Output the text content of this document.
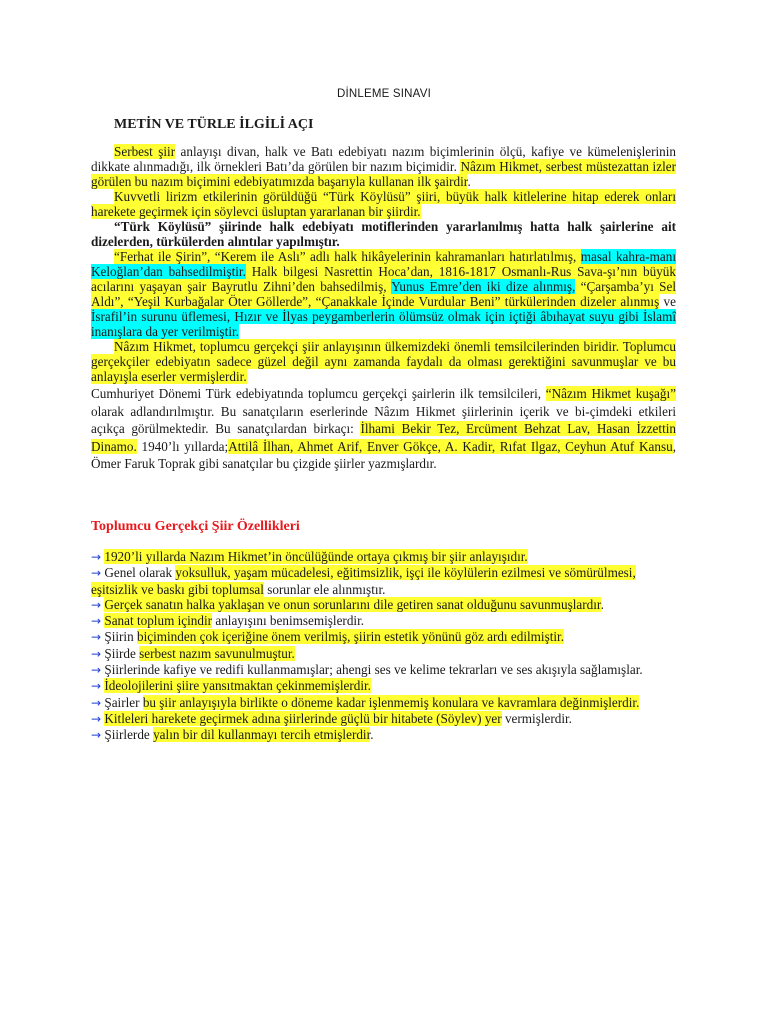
DİNLEME SINAVI
METİN VE TÜRLE İLGİLİ AÇI

Serbest şiir anlayışı divan, halk ve Batı edebiyatı nazım biçimlerinin ölçü, kafiye ve kümelenişlerinin dikkate alınmadığı, ilk örnekleri Batı’da görülen bir nazım biçimidir. Nâzım Hikmet, serbest müstezattan izler görülen bu nazım biçimini edebiyatımızda başarıyla kullanan ilk şairdir.

Kuvvetli lirizm etkilerinin görüldüğü “Türk Köylüsü” şiiri, büyük halk kitlelerine hitap ederek onları harekete geçirmek için söylevci üsluptan yararlanan bir şiirdir.

“Türk Köylüsü” şiirinde halk edebiyatı motiflerinden yararlanılmış hatta halk şairlerine ait dizelerden, türkülerden alıntılar yapılmıştır.

“Ferhat ile Şirin”, “Kerem ile Aslı” adlı halk hikâyelerinin kahramanları hatırlatılmış, masal kahra-manı Keloğlan’dan bahsedilmiştir. Halk bilgesi Nasrettin Hoca’dan, 1816-1817 Osmanlı-Rus Sava-şı’nın büyük acılarını yaşayan şair Bayrutlu Zihni’den bahsedilmiş, Yunus Emre’den iki dize alınmış, “Çarşamba’yı Sel Aldı”, “Yeşil Kurbağalar Öter Göllerde”, “Çanakkale İçinde Vurdular Beni” türkülerinden dizeler alınmış ve İsrafil’in surunu üflemesi, Hızır ve İlyas peygamberlerin ölümsüz olmak için içtiği âbıhayat suyu gibi İslamî inanışlara da yer verilmiştir.

Nâzım Hikmet, toplumcu gerçekçi şiir anlayışının ülkemizdeki önemli temsilcilerinden biridir. Toplumcu gerçekçiler edebiyatın sadece güzel değil aynı zamanda faydalı da olması gerektiğini savunmuşlar ve bu anlayışla eserler vermişlerdir.

Cumhuriyet Dönemi Türk edebiyatında toplumcu gerçekçi şairlerin ilk temsilcileri, “Nâzım Hikmet kuşağı” olarak adlandırılmıştır. Bu sanatçıların eserlerinde Nâzım Hikmet şiirlerinin içerik ve bi-çimdeki etkileri açıkça görülmektedir. Bu sanatçılardan birkaçı: İlhami Bekir Tez, Ercüment Behzat Lav, Hasan İzzettin Dinamo. 1940’lı yıllarda;Attilâ İlhan, Ahmet Arif, Enver Gökçe, A. Kadir, Rıfat Ilgaz, Ceyhun Atuf Kansu, Ömer Faruk Toprak gibi sanatçılar bu çizgide şiirler yazmışlardır.

Toplumcu Gerçekçi Şiir Özellikleri
→ 1920’li yıllarda Nazım Hikmet’in öncülüğünde ortaya çıkmış bir şiir anlayışıdır.
→ Genel olarak yoksulluk, yaşam mücadelesi, eğitimsizlik, işçi ile köylülerin ezilmesi ve sömürülmesi, eşitsizlik ve baskı gibi toplumsal sorunlar ele alınmıştır.
→ Gerçek sanatın halka yaklaşan ve onun sorunlarını dile getiren sanat olduğunu savunmuşlardır.
→ Sanat toplum içindir anlayışını benimsemişlerdir.
→ Şiirin biçiminden çok içeriğine önem verilmiş, şiirin estetik yönünü göz ardı edilmiştir.
→ Şiirde serbest nazım savunulmuştur.
→ Şiirlerinde kafiye ve redifi kullanmamışlar; ahengi ses ve kelime tekrarları ve ses akışıyla sağlamışlar.
→ İdeolojilerini şiire yansıtmaktan çekinmemişlerdir.
→ Şairler bu şiir anlayışıyla birlikte o döneme kadar işlenmemiş konulara ve kavramlara değinmişlerdir.
→ Kitleleri harekete geçirmek adına şiirlerinde güçlü bir hitabete (Söylev) yer vermişlerdir.
→ Şiirlerde yalın bir dil kullanmayı tercih etmişlerdir.
